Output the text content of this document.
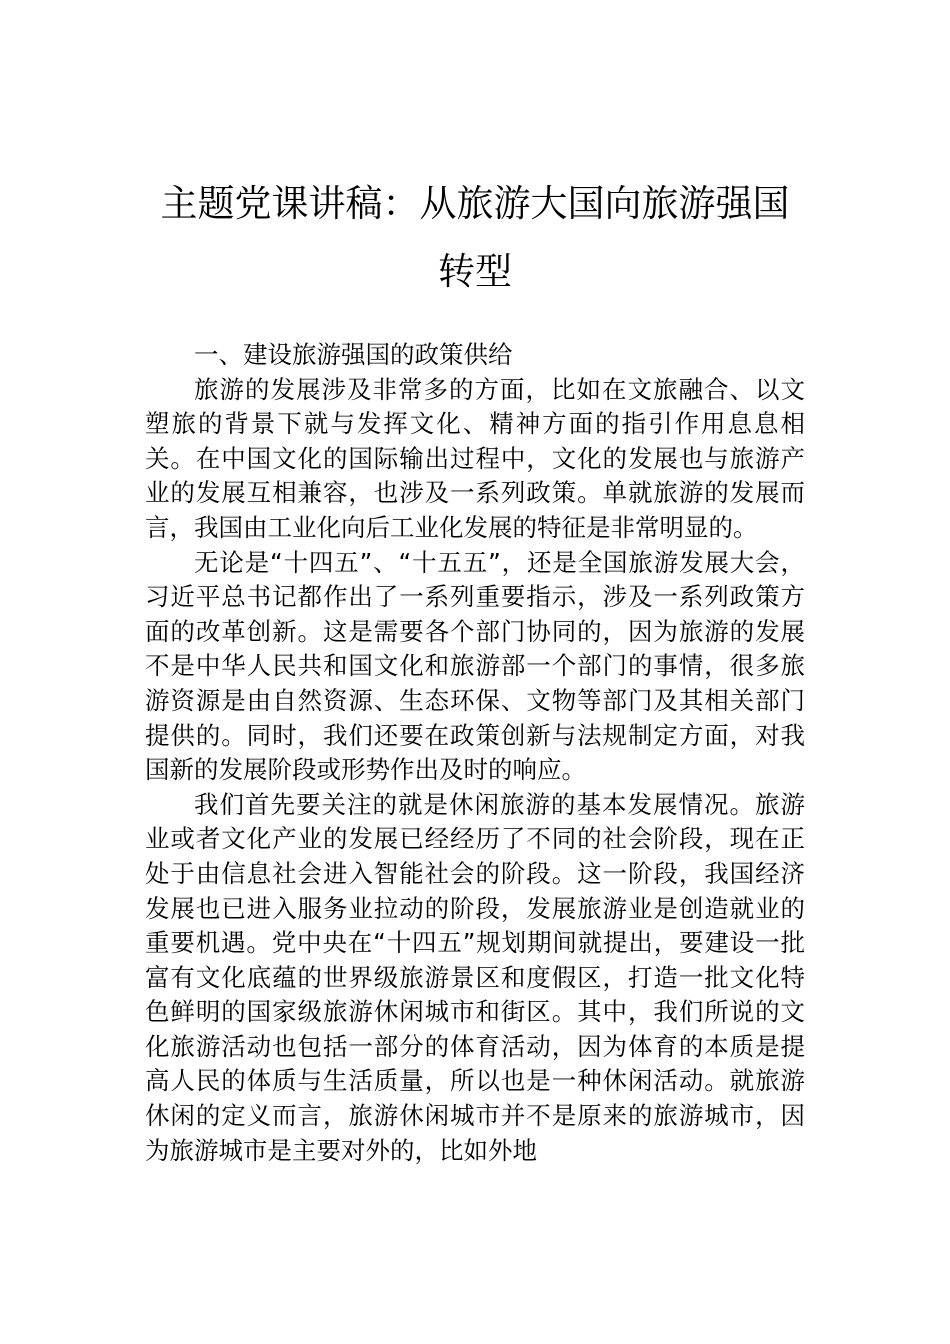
主题党课讲稿：从旅游大国向旅游强国转型

一、建设旅游强国的政策供给

旅游的发展涉及非常多的方面，比如在文旅融合、以文塑旅的背景下就与发挥文化、精神方面的指引作用息息相关。在中国文化的国际输出过程中，文化的发展也与旅游产业的发展互相兼容，也涉及一系列政策。单就旅游的发展而言，我国由工业化向后工业化发展的特征是非常明显的。

无论是“十四五”、“十五五”，还是全国旅游发展大会，习近平总书记都作出了一系列重要指示，涉及一系列政策方面的改革创新。这是需要各个部门协同的，因为旅游的发展不是中华人民共和国文化和旅游部一个部门的事情，很多旅游资源是由自然资源、生态环保、文物等部门及其相关部门提供的。同时，我们还要在政策创新与法规制定方面，对我国新的发展阶段或形势作出及时的响应。

我们首先要关注的就是休闲旅游的基本发展情况。旅游业或者文化产业的发展已经经历了不同的社会阶段，现在正处于由信息社会进入智能社会的阶段。这一阶段，我国经济发展也已进入服务业拉动的阶段，发展旅游业是创造就业的重要机遇。党中央在“十四五”规划期间就提出，要建设一批富有文化底蕴的世界级旅游景区和度假区，打造一批文化特色鲜明的国家级旅游休闲城市和街区。其中，我们所说的文化旅游活动也包括一部分的体育活动，因为体育的本质是提高人民的体质与生活质量，所以也是一种休闲活动。就旅游休闲的定义而言，旅游休闲城市并不是原来的旅游城市，因为旅游城市是主要对外的，比如外地
